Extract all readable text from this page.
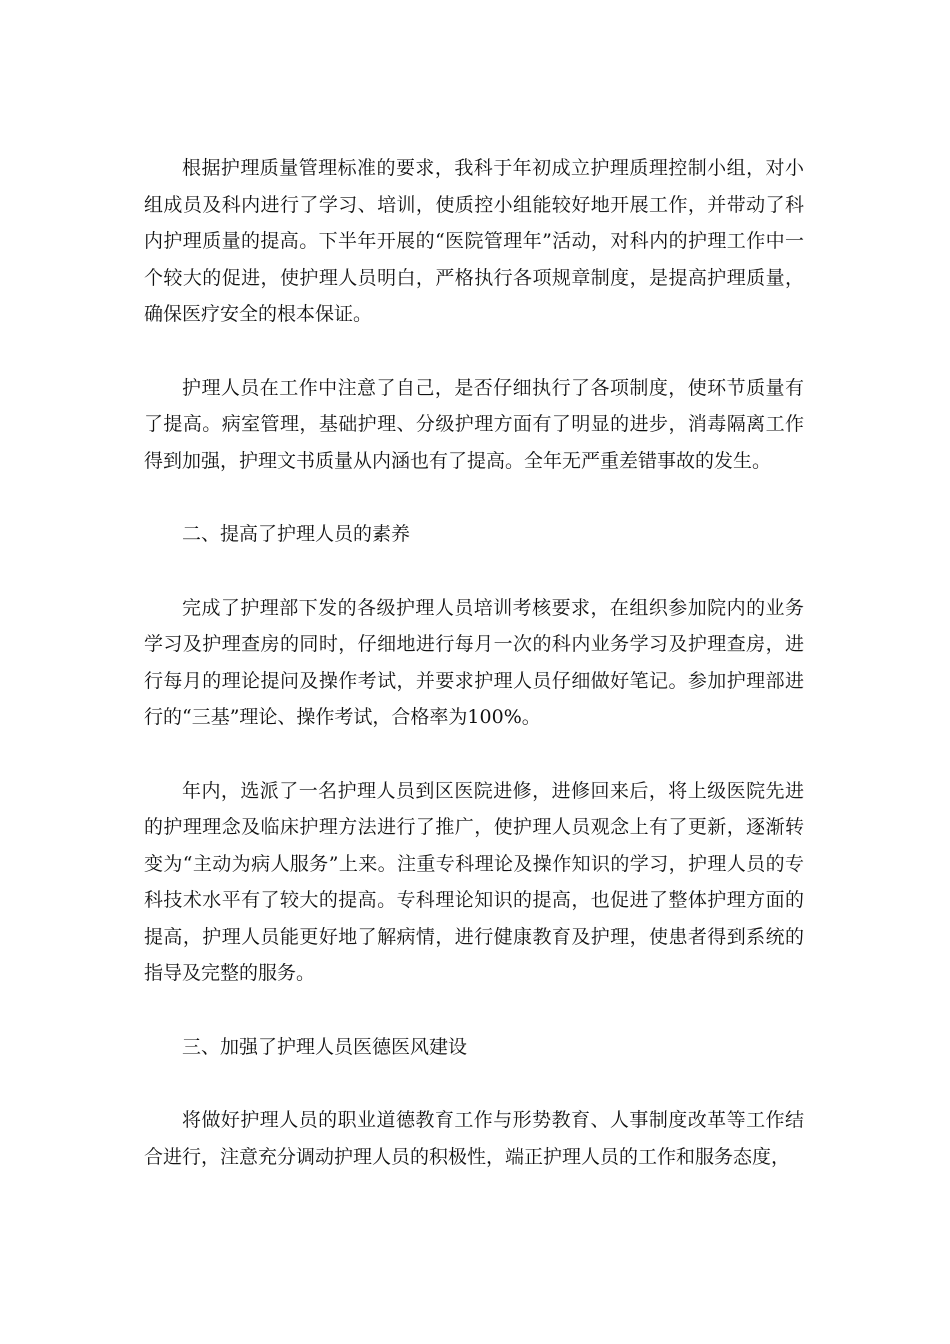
根据护理质量管理标准的要求，我科于年初成立护理质理控制小组，对小组成员及科内进行了学习、培训，使质控小组能较好地开展工作，并带动了科内护理质量的提高。下半年开展的“医院管理年”活动，对科内的护理工作中一个较大的促进，使护理人员明白，严格执行各项规章制度，是提高护理质量，确保医疗安全的根本保证。

护理人员在工作中注意了自己，是否仔细执行了各项制度，使环节质量有了提高。病室管理，基础护理、分级护理方面有了明显的进步，消毒隔离工作得到加强，护理文书质量从内涵也有了提高。全年无严重差错事故的发生。

二、提高了护理人员的素养

完成了护理部下发的各级护理人员培训考核要求，在组织参加院内的业务学习及护理查房的同时，仔细地进行每月一次的科内业务学习及护理查房，进行每月的理论提问及操作考试，并要求护理人员仔细做好笔记。参加护理部进行的“三基”理论、操作考试，合格率为100%。

年内，选派了一名护理人员到区医院进修，进修回来后，将上级医院先进的护理理念及临床护理方法进行了推广，使护理人员观念上有了更新，逐渐转变为“主动为病人服务”上来。注重专科理论及操作知识的学习，护理人员的专科技术水平有了较大的提高。专科理论知识的提高，也促进了整体护理方面的提高，护理人员能更好地了解病情，进行健康教育及护理，使患者得到系统的指导及完整的服务。

三、加强了护理人员医德医风建设

将做好护理人员的职业道德教育工作与形势教育、人事制度改革等工作结合进行，注意充分调动护理人员的积极性，端正护理人员的工作和服务态度，
